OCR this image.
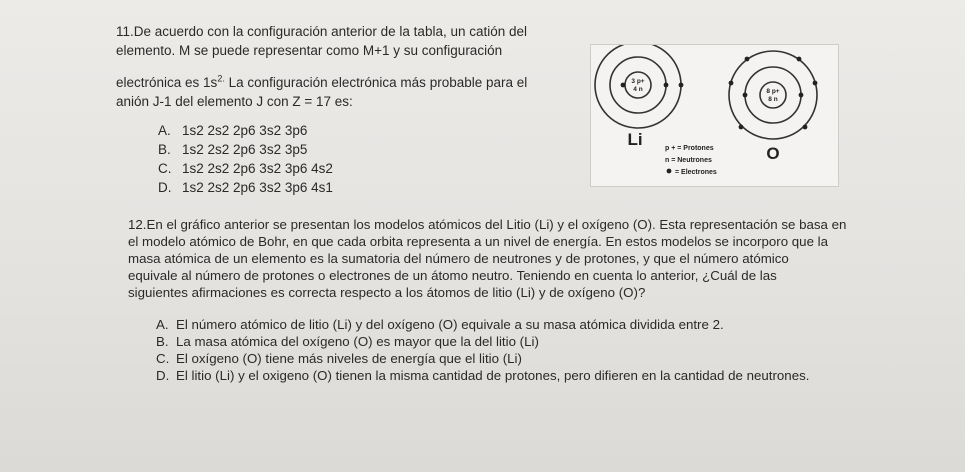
11.De acuerdo con la configuración anterior de la tabla, un catión del
elemento. M se puede representar como M+1 y su configuración
electrónica es $1s^{2.}$ La configuración electrónica más probable para el
anión J-1 del elemento J con Z = 17 es:
A. 1s2 2s2 2p6 3s2 3p6
B. 1s2 2s2 2p6 3s2 3p5
C. 1s2 2s2 2p6 3s2 3p6 4s2
D. 1s2 2s2 2p6 3s2 3p6 4s1
3 p+
4 n
Li
8 p+
8 n
O
p + = Protones
n = Neutrones
= Electrones
12.En el gráfico anterior se presentan los modelos atómicos del Litio (Li) y el oxígeno (O). Esta representación se basa en
el modelo atómico de Bohr, en que cada orbita representa a un nivel de energía. En estos modelos se incorporo que la
masa atómica de un elemento es la sumatoria del número de neutrones y de protones, y que el número atómico
equivale al número de protones o electrones de un átomo neutro. Teniendo en cuenta lo anterior, ¿Cuál de las
siguientes afirmaciones es correcta respecto a los átomos de litio (Li) y de oxígeno (O)?
A. El número atómico de litio (Li) y del oxígeno (O) equivale a su masa atómica dividida entre 2.
B. La masa atómica del oxígeno (O) es mayor que la del litio (Li)
C. El oxígeno (O) tiene más niveles de energía que el litio (Li)
D. El litio (Li) y el oxigeno (O) tienen la misma cantidad de protones, pero difieren en la cantidad de neutrones.
